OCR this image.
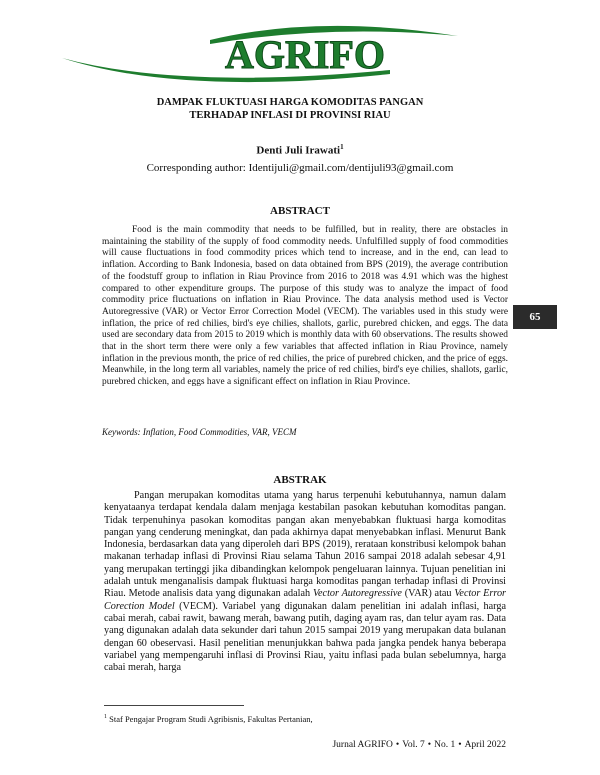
AGRIFO
DAMPAK FLUKTUASI HARGA KOMODITAS PANGAN
TERHADAP INFLASI DI PROVINSI RIAU
Denti Juli Irawati$^1$
Corresponding author: Identijuli@gmail.com/dentijuli93@gmail.com
ABSTRACT
Food is the main commodity that needs to be fulfilled, but in reality, there are obstacles in maintaining the stability of the supply of food commodity needs. Unfulfilled supply of food commodities will cause fluctuations in food commodity prices which tend to increase, and in the end, can lead to inflation. According to Bank Indonesia, based on data obtained from BPS (2019), the average contribution of the foodstuff group to inflation in Riau Province from 2016 to 2018 was 4.91 which was the highest compared to other expenditure groups. The purpose of this study was to analyze the impact of food commodity price fluctuations on inflation in Riau Province. The data analysis method used is Vector Autoregressive (VAR) or Vector Error Correction Model (VECM). The variables used in this study were inflation, the price of red chilies, bird's eye chilies, shallots, garlic, purebred chicken, and eggs. The data used are secondary data from 2015 to 2019 which is monthly data with 60 observations. The results showed that in the short term there were only a few variables that affected inflation in Riau Province, namely inflation in the previous month, the price of red chilies, the price of purebred chicken, and the price of eggs. Meanwhile, in the long term all variables, namely the price of red chilies, bird's eye chilies, shallots, garlic, purebred chicken, and eggs have a significant effect on inflation in Riau Province.
Keywords: Inflation, Food Commodities, VAR, VECM
65
ABSTRAK
Pangan merupakan komoditas utama yang harus terpenuhi kebutuhannya, namun dalam kenyataanya terdapat kendala dalam menjaga kestabilan pasokan kebutuhan komoditas pangan. Tidak terpenuhinya pasokan komoditas pangan akan menyebabkan fluktuasi harga komoditas pangan yang cenderung meningkat, dan pada akhirnya dapat menyebabkan inflasi. Menurut Bank Indonesia, berdasarkan data yang diperoleh dari BPS (2019), rerataan konstribusi kelompok bahan makanan terhadap inflasi di Provinsi Riau selama Tahun 2016 sampai 2018 adalah sebesar 4,91 yang merupakan tertinggi jika dibandingkan kelompok pengeluaran lainnya. Tujuan penelitian ini adalah untuk menganalisis dampak fluktuasi harga komoditas pangan terhadap inflasi di Provinsi Riau. Metode analisis data yang digunakan adalah Vector Autoregressive (VAR) atau Vector Error Corection Model (VECM). Variabel yang digunakan dalam penelitian ini adalah inflasi, harga cabai merah, cabai rawit, bawang merah, bawang putih, daging ayam ras, dan telur ayam ras. Data yang digunakan adalah data sekunder dari tahun 2015 sampai 2019 yang merupakan data bulanan dengan 60 obeservasi. Hasil penelitian menunjukkan bahwa pada jangka pendek hanya beberapa variabel yang mempengaruhi inflasi di Provinsi Riau, yaitu inflasi pada bulan sebelumnya, harga cabai merah, harga
$^1$ Staf Pengajar Program Studi Agribisnis, Fakultas Pertanian,
Jurnal AGRIFO • Vol. 7 • No. 1 • April 2022
